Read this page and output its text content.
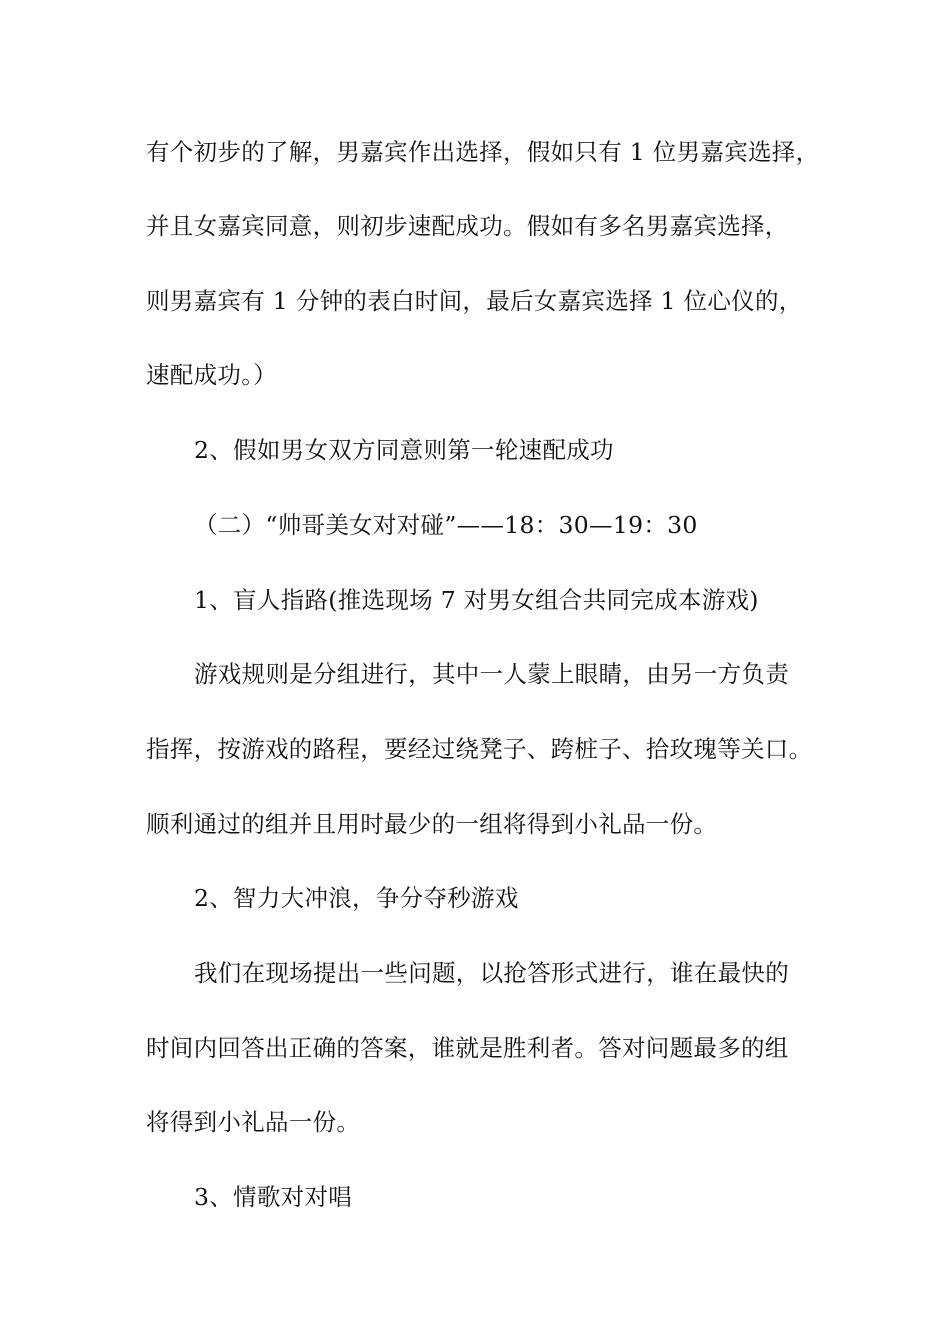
有个初步的了解，男嘉宾作出选择，假如只有 1 位男嘉宾选择，
并且女嘉宾同意，则初步速配成功。假如有多名男嘉宾选择，
则男嘉宾有 1 分钟的表白时间，最后女嘉宾选择 1 位心仪的，
速配成功。）
2、假如男女双方同意则第一轮速配成功
（二）“帅哥美女对对碰”——18：30—19：30
1、盲人指路(推选现场 7 对男女组合共同完成本游戏)
游戏规则是分组进行，其中一人蒙上眼睛，由另一方负责
指挥，按游戏的路程，要经过绕凳子、跨桩子、拾玫瑰等关口。
顺利通过的组并且用时最少的一组将得到小礼品一份。
2、智力大冲浪，争分夺秒游戏
我们在现场提出一些问题，以抢答形式进行，谁在最快的
时间内回答出正确的答案，谁就是胜利者。答对问题最多的组
将得到小礼品一份。
3、情歌对对唱
